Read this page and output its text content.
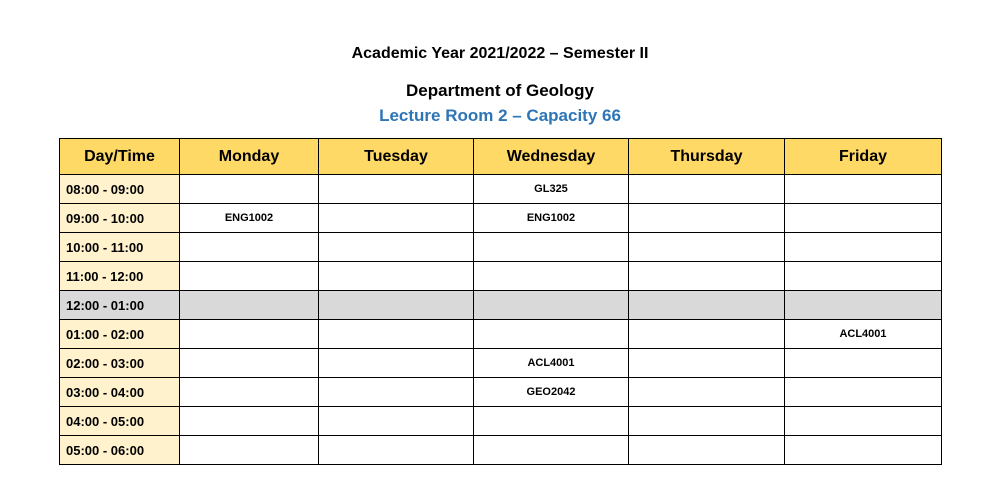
Academic Year 2021/2022 – Semester II
Department of Geology
Lecture Room 2 – Capacity 66
Day/Time	Monday	Tuesday	Wednesday	Thursday	Friday
08:00 - 09:00			GL325		
09:00 - 10:00	ENG1002		ENG1002		
10:00 - 11:00					
11:00 - 12:00					
12:00 - 01:00					
01:00 - 02:00					ACL4001
02:00 - 03:00			ACL4001		
03:00 - 04:00			GEO2042		
04:00 - 05:00					
05:00 - 06:00					
